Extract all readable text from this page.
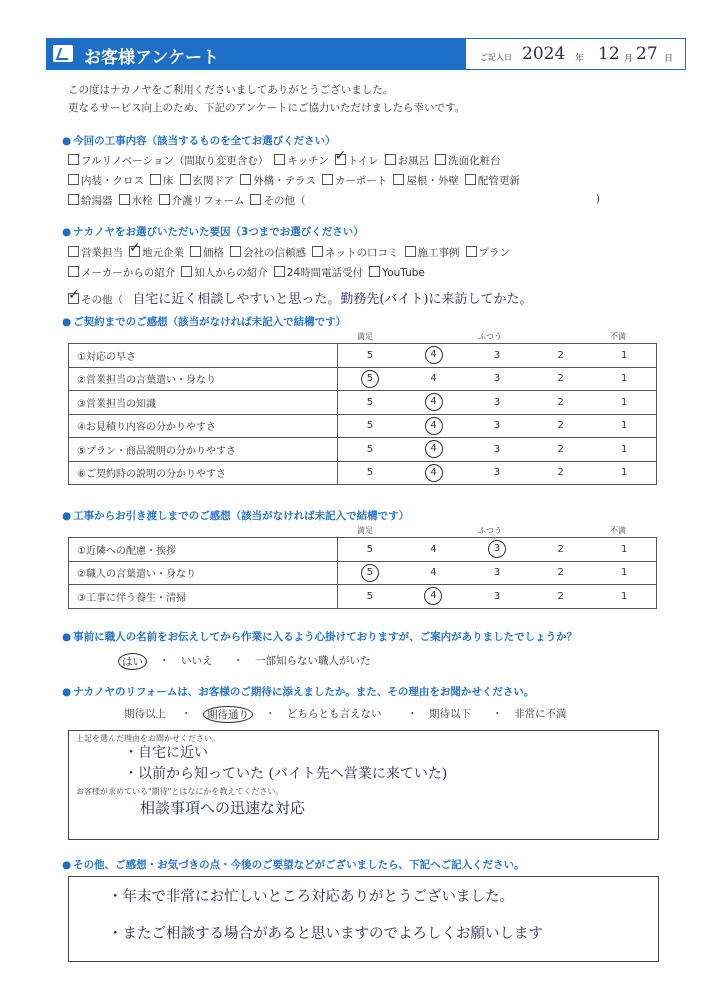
お客様アンケート	ご記入日 2024 年 12 月 27 日
この度はナカノヤをご利用くださいましてありがとうございました。
更なるサービス向上のため、下記のアンケートにご協力いただけましたら幸いです。
● 今回の工事内容（該当するものを全てお選びください）
フルリノベーション（間取り変更含む） キッチン ✓ トイレ お風呂 洗面化粧台
内装・クロス 床 玄関ドア 外構・テラス カーポート 屋根・外壁 配管更新
給湯器 水栓 介護リフォーム その他（	)
● ナカノヤをお選びいただいた要因（3つまでお選びください）
営業担当 ✓ 地元企業 価格 会社の信頼感 ネットの口コミ 施工事例 プラン
メーカーからの紹介 知人からの紹介 24時間電話受付 YouTube
✓その他（ 自宅に近く相談しやすいと思った。勤務先(バイト)に来訪してかた。
● ご契約までのご感想（該当がなければ未記入で結構です）
満足	ふつう	不満
①対応の早さ	5	4	3	2	1
②営業担当の言葉遣い・身なり	5	4	3	2	1
③営業担当の知識	5	4	3	2	1
④お見積り内容の分かりやすさ	5	4	3	2	1
⑤プラン・商品説明の分かりやすさ	5	4	3	2	1
⑥ご契約時の説明の分かりやすさ	5	4	3	2	1
● 工事からお引き渡しまでのご感想（該当がなければ未記入で結構です）
満足	ふつう	不満
①近隣への配慮・挨拶	5	4	3	2	1
②職人の言葉遣い・身なり	5	4	3	2	1
③工事に伴う養生・清掃	5	4	3	2	1
● 事前に職人の名前をお伝えしてから作業に入るよう心掛けておりますが、ご案内がありましたでしょうか？
はい	・ いいえ ・ 一部知らない職人がいた
● ナカノヤのリフォームは、お客様のご期待に添えましたか。また、その理由をお聞かせください。
期待以上 ・	期待通り	・ どちらとも言えない ・ 期待以下 ・ 非常に不満
上記を選んだ理由をお聞かせください。
・自宅に近い
・以前から知っていた (バイト先へ営業に来ていた)
お客様が求めている"期待"とはなにかを教えてください。
相談事項への迅速な対応
● その他、ご感想・お気づきの点・今後のご要望などがございましたら、下記へご記入ください。
・年末で非常にお忙しいところ対応ありがとうございました。
・またご相談する場合があると思いますのでよろしくお願いします
